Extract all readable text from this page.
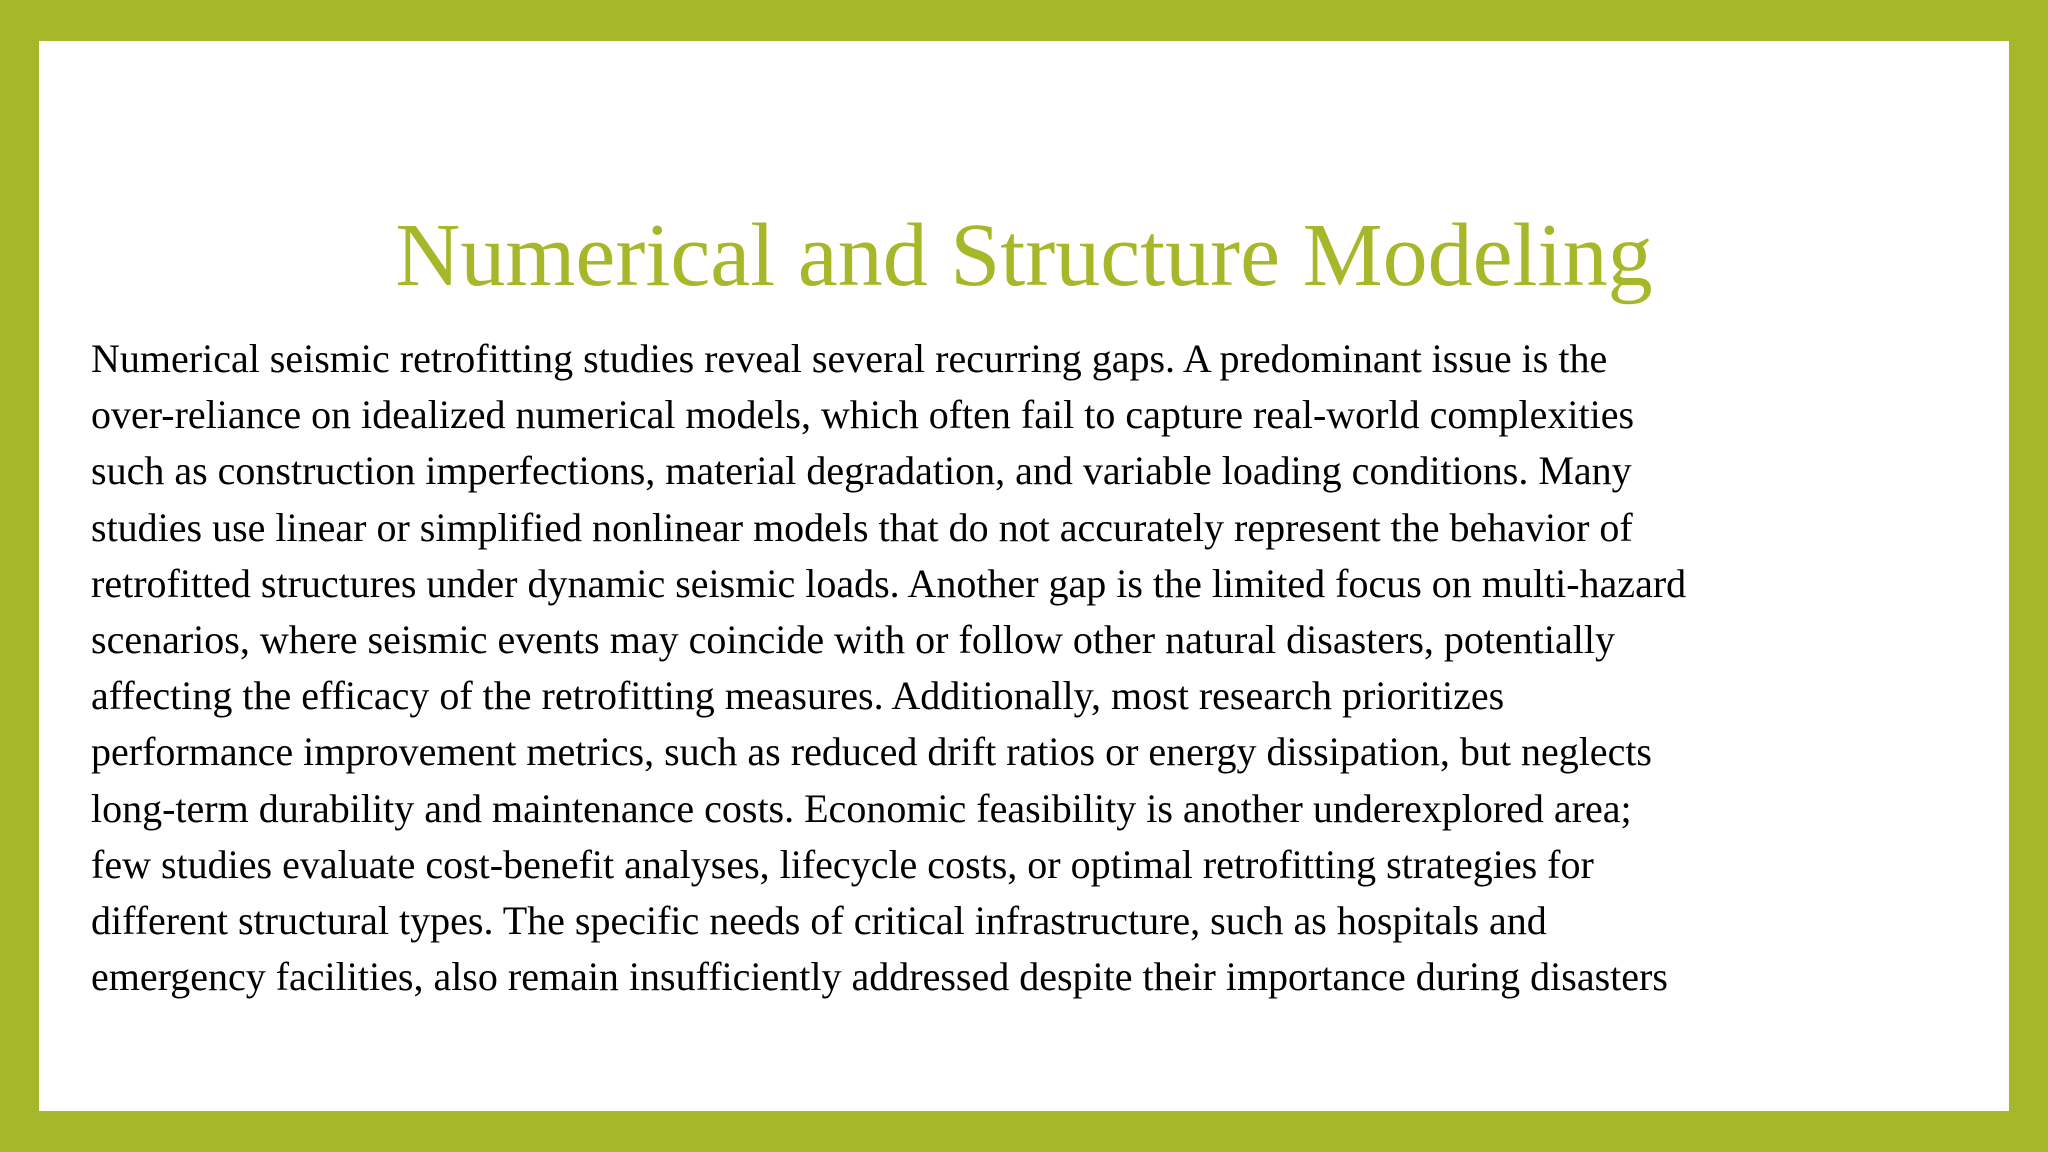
Numerical and Structure Modeling
Numerical seismic retrofitting studies reveal several recurring gaps. A predominant issue is the
over-reliance on idealized numerical models, which often fail to capture real-world complexities
such as construction imperfections, material degradation, and variable loading conditions. Many
studies use linear or simplified nonlinear models that do not accurately represent the behavior of
retrofitted structures under dynamic seismic loads. Another gap is the limited focus on multi-hazard
scenarios, where seismic events may coincide with or follow other natural disasters, potentially
affecting the efficacy of the retrofitting measures. Additionally, most research prioritizes
performance improvement metrics, such as reduced drift ratios or energy dissipation, but neglects
long-term durability and maintenance costs. Economic feasibility is another underexplored area;
few studies evaluate cost-benefit analyses, lifecycle costs, or optimal retrofitting strategies for
different structural types. The specific needs of critical infrastructure, such as hospitals and
emergency facilities, also remain insufficiently addressed despite their importance during disasters
